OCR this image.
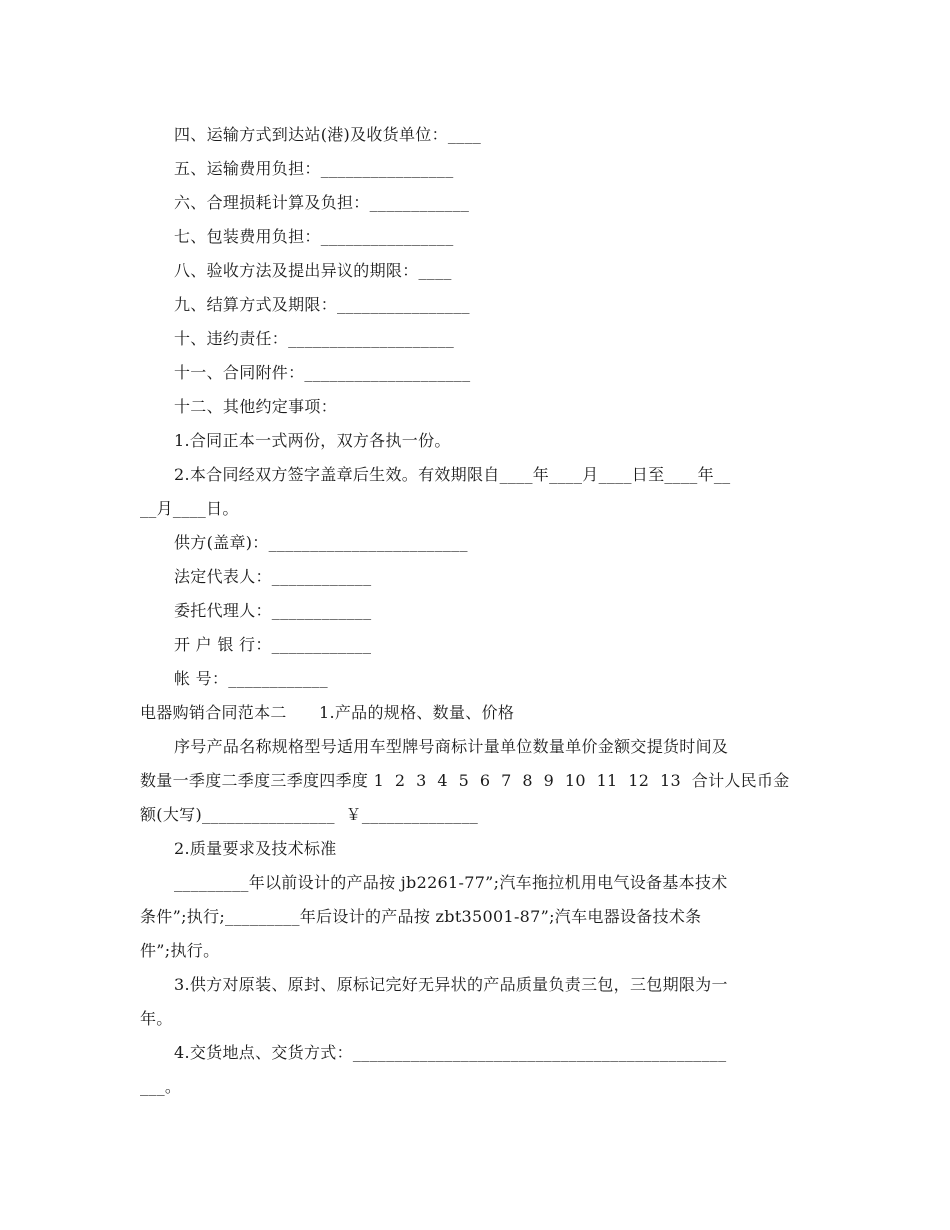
四、运输方式到达站(港)及收货单位：____

五、运输费用负担：________________

六、合理损耗计算及负担：____________

七、包装费用负担：________________

八、验收方法及提出异议的期限：____

九、结算方式及期限：________________

十、违约责任：____________________

十一、合同附件：____________________

十二、其他约定事项：

1.合同正本一式两份，双方各执一份。

2.本合同经双方签字盖章后生效。有效期限自____年____月____日至____年__

__月____日。

供方(盖章)：________________________

法定代表人：____________

委托代理人：____________

开 户 银 行：____________

帐 号：____________

电器购销合同范本二      1.产品的规格、数量、价格

序号产品名称规格型号适用车型牌号商标计量单位数量单价金额交提货时间及

数量一季度二季度三季度四季度 1  2  3  4  5  6  7  8  9  10  11  12  13  合计人民币金

额(大写)________________  ￥______________

2.质量要求及技术标准

_________年以前设计的产品按 jb2261-77”;汽车拖拉机用电气设备基本技术

条件”;执行;_________年后设计的产品按 zbt35001-87”;汽车电器设备技术条

件”;执行。

3.供方对原装、原封、原标记完好无异状的产品质量负责三包，三包期限为一

年。

4.交货地点、交货方式：_____________________________________________

___。
